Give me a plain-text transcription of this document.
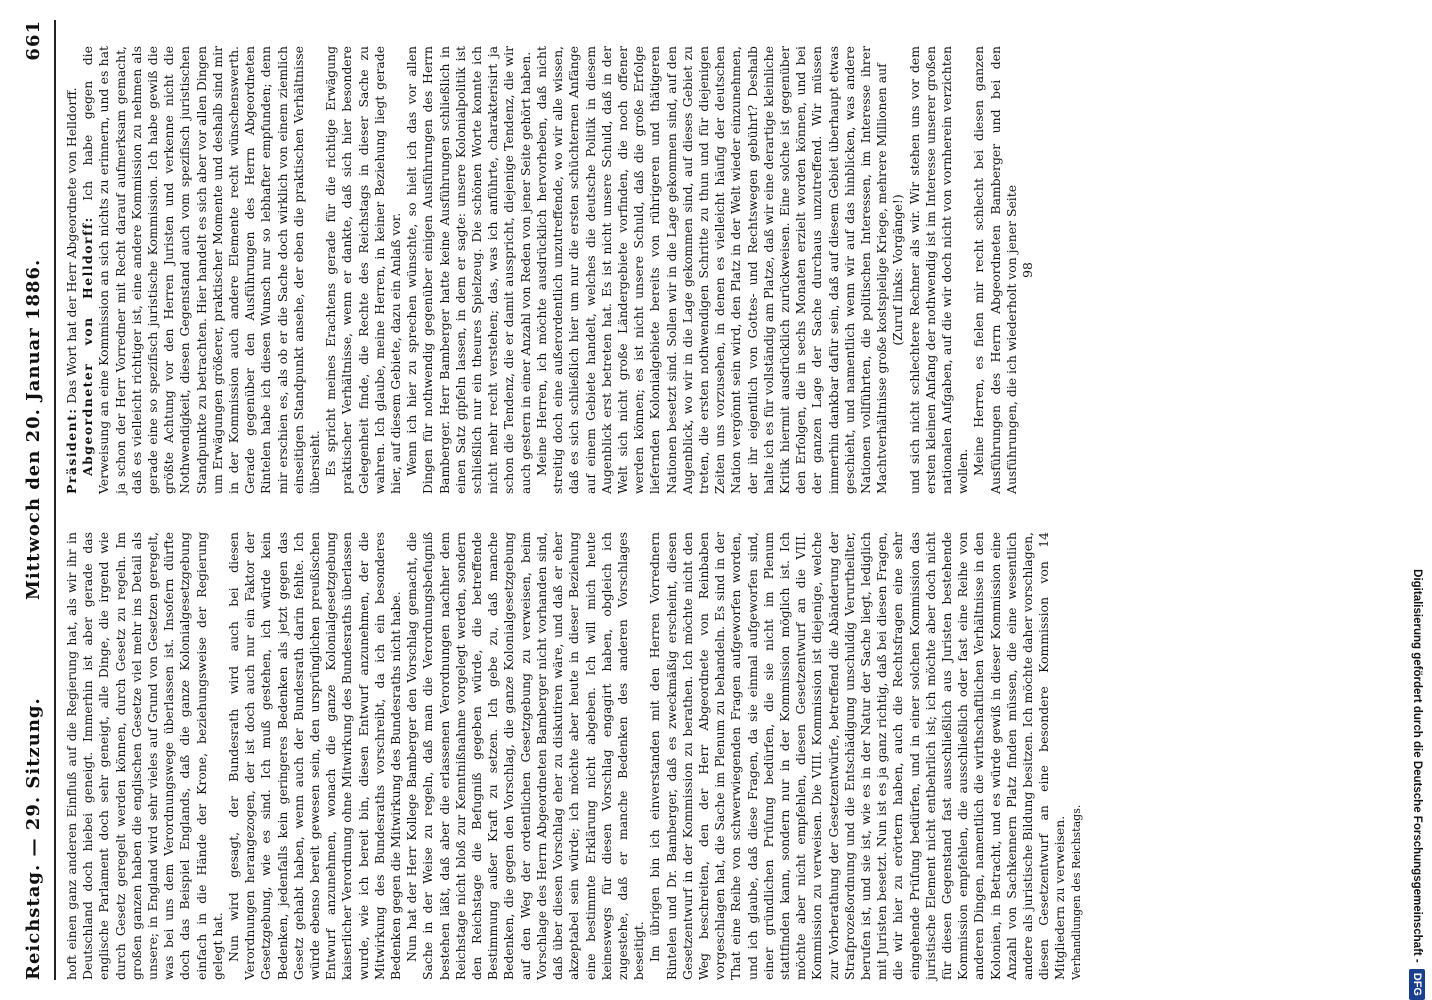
Reichstag. — 29. Sitzung.
Mittwoch den 20. Januar 1886.
661

hoft einen ganz anderen Einfluß auf die Regierung hat, als wir ihr in Deutschland doch hiebei geneigt. Immerhin ist aber gerade das englische Parlament doch sehr geneigt, alle Dinge, die irgend wie durch Gesetz geregelt werden können, durch Gesetz zu regeln. Im großen ganzen haben die englischen Gesetze viel mehr ins Detail als unsere; in England wird sehr vieles auf Grund von Gesetzen geregelt, was bei uns dem Verordnungswege überlassen ist. Insofern dürfte doch das Beispiel Englands, daß die ganze Kolonialgesetzgebung einfach in die Hände der Krone, beziehungsweise der Regierung gelegt hat. Nun wird gesagt, der Bundesrath wird auch bei diesen Verordnungen herangezogen, der ist doch auch nur ein Faktor der Gesetzgebung, wie es sind. Ich muß gestehen, ich würde kein Bedenken, jedenfalls kein geringeres Bedenken als jetzt gegen das Gesetz gehabt haben, wenn auch der Bundesrath darin fehlte. Ich würde ebenso bereit gewesen sein, den ursprünglichen preußischen Entwurf anzunehmen, wonach die ganze Kolonialgesetzgebung kaiserlicher Verordnung ohne Mitwirkung des Bundesraths überlassen wurde, wie ich bereit bin, diesen Entwurf anzunehmen, der die Mitwirkung des Bundesraths vorschreibt, da ich ein besonderes Bedenken gegen die Mitwirkung des Bundesraths nicht habe. Nun hat der Herr Kollege Bamberger den Vorschlag gemacht, die Sache in der Weise zu regeln, daß man die Verordnungsbefugniß bestehen läßt, daß aber die erlassenen Verordnungen nachher dem Reichstage nicht bloß zur Kenntnißnahme vorgelegt werden, sondern den Reichstage die Befugniß gegeben würde, die betreffende Bestimmung außer Kraft zu setzen. Ich gebe zu, daß manche Bedenken, die gegen den Vorschlag, die ganze Kolonialgesetzgebung auf den Weg der ordentlichen Gesetzgebung zu verweisen, beim Vorschlage des Herrn Abgeordneten Bamberger nicht vorhanden sind, daß über diesen Vorschlag eher zu diskutiren wäre, und daß er eher akzeptabel sein würde; ich möchte aber heute in dieser Beziehung eine bestimmte Erklärung nicht abgeben. Ich will mich heute keineswegs für diesen Vorschlag engagirt haben, obgleich ich zugestehe, daß er manche Bedenken des anderen Vorschlages beseitigt. Im übrigen bin ich einverstanden mit den Herren Vorrednern Rintelen und Dr. Bamberger, daß es zweckmäßig erscheint, diesen Gesetzentwurf in der Kommission zu berathen. Ich möchte nicht den Weg beschreiten, den der Herr Abgeordnete von Reinbaben vorgeschlagen hat, die Sache im Plenum zu behandeln. Es sind in der That eine Reihe von schwerwiegenden Fragen aufgeworfen worden, und ich glaube, daß diese Fragen, da sie einmal aufgeworfen sind, einer gründlichen Prüfung bedürfen, die sie nicht im Plenum stattfinden kann, sondern nur in der Kommission möglich ist. Ich möchte aber nicht empfehlen, diesen Gesetzentwurf an die VIII. Kommission zu verweisen. Die VIII. Kommission ist diejenige, welche zur Vorberathung der Gesetzentwürfe, betreffend die Abänderung der Strafprozeßordnung und die Entschädigung unschuldig Verurtheilter, berufen ist, und sie ist, wie es in der Natur der Sache liegt, lediglich mit Juristen besetzt. Nun ist es ja ganz richtig, daß bei diesen Fragen, die wir hier zu erörtern haben, auch die Rechtsfragen eine sehr eingehende Prüfung bedürfen, und in einer solchen Kommission das juristische Element nicht entbehrlich ist; ich möchte aber doch nicht für diesen Gegenstand fast ausschließlich aus Juristen bestehende Kommission empfehlen, die ausschließlich oder fast eine Reihe von anderen Dingen, namentlich die wirthschaftlichen Verhältnisse in den Kolonien, in Betracht, und es würde gewiß in dieser Kommission eine Anzahl von Sachkennern Platz finden müssen, die eine wesentlich andere als juristische Bildung besitzen. Ich möchte daher vorschlagen, diesen Gesetzentwurf an eine besondere Kommission von 14 Mitgliedern zu verweisen. Verhandlungen des Reichstags.

Präsident: Das Wort hat der Herr Abgeordnete von Helldorff. Abgeordneter von Helldorff: Ich habe gegen die Verweisung an eine Kommission an sich nichts zu erinnern, und es hat ja schon der Herr Vorredner mit Recht darauf aufmerksam gemacht, daß es vielleicht richtiger ist, eine andere Kommission zu nehmen als gerade eine so spezifisch juristische Kommission. Ich habe gewiß die größte Achtung vor den Herren Juristen und verkenne nicht die Nothwendigkeit, diesen Gegenstand auch vom spezifisch juristischen Standpunkte zu betrachten. Hier handelt es sich aber vor allen Dingen um Erwägungen größerer, praktischer Momente und deshalb sind mir in der Kommission auch andere Elemente recht wünschenswerth. Gerade gegenüber den Ausführungen des Herrn Abgeordneten Rintelen habe ich diesen Wunsch nur so lebhafter empfunden; denn mir erschien es, als ob er die Sache doch wirklich von einem ziemlich einseitigen Standpunkt ansehe, der eben die praktischen Verhältnisse übersieht. Es spricht meines Erachtens gerade für die richtige Erwägung praktischer Verhältnisse, wenn er dankte, daß sich hier besondere Gelegenheit finde, die Rechte des Reichstags in dieser Sache zu wahren. Ich glaube, meine Herren, in keiner Beziehung liegt gerade hier, auf diesem Gebiete, dazu ein Anlaß vor. Wenn ich hier zu sprechen wünschte, so hielt ich das vor allen Dingen für nothwendig gegenüber einigen Ausführungen des Herrn Bamberger. Herr Bamberger hatte keine Ausführungen schließlich in einen Satz gipfeln lassen, in dem er sagte: unsere Kolonialpolitik ist schließlich nur ein theures Spielzeug. Die schönen Worte konnte ich nicht mehr recht verstehen; das, was ich anführte, charakterisirt ja schon die Tendenz, die er damit ausspricht, diejenige Tendenz, die wir auch gestern in einer Anzahl von Reden von jener Seite gehört haben. Meine Herren, ich möchte ausdrücklich hervorheben, daß nicht streitig doch eine außerordentlich unzutreffende, wo wir alle wissen, daß es sich schließlich hier um nur die ersten schüchternen Anfänge auf einem Gebiete handelt, welches die deutsche Politik in diesem Augenblick erst betreten hat. Es ist nicht unsere Schuld, daß in der Welt sich nicht große Ländergebiete vorfinden, die noch offener werden können; es ist nicht unsere Schuld, daß die große Erfolge liefernden Kolonialgebiete bereits von rührigeren und thätigeren Nationen besetzt sind. Sollen wir in die Lage gekommen sind, auf den Augenblick, wo wir in die Lage gekommen sind, auf dieses Gebiet zu treten, die ersten nothwendigen Schritte zu thun und für diejenigen Zeiten uns vorzusehen, in denen es vielleicht häufig der deutschen Nation vergönnt sein wird, den Platz in der Welt wieder einzunehmen, der ihr eigentlich von Gottes- und Rechtswegen gebührt? Deshalb halte ich es für vollständig am Platze, daß wir eine derartige kleinliche Kritik hiermit ausdrücklich zurückweisen. Eine solche ist gegenüber den Erfolgen, die in sechs Monaten erzielt worden können, und bei der ganzen Lage der Sache durchaus unzutreffend. Wir müssen immerhin dankbar dafür sein, daß auf diesem Gebiet überhaupt etwas geschieht, und namentlich wenn wir auf das hinblicken, was andere Nationen vollführten, die politischen Interessen, im Interesse ihrer Machtverhältnisse große kostspielige Kriege, mehrere Millionen auf (Zuruf links: Vorgänge!) und sich nicht schlechtere Rechner als wir. Wir stehen uns vor dem ersten kleinen Anfang der nothwendig ist im Interesse unserer großen nationalen Aufgaben, auf die wir doch nicht von vornherein verzichten wollen. Meine Herren, es fielen mir recht schlecht bei diesen ganzen Ausführungen des Herrn Abgeordneten Bamberger und bei den Ausführungen, die ich wiederholt von jener Seite 98

Digitalisierung gefördert durch die Deutsche Forschungsgemeinschaft -
DFG
